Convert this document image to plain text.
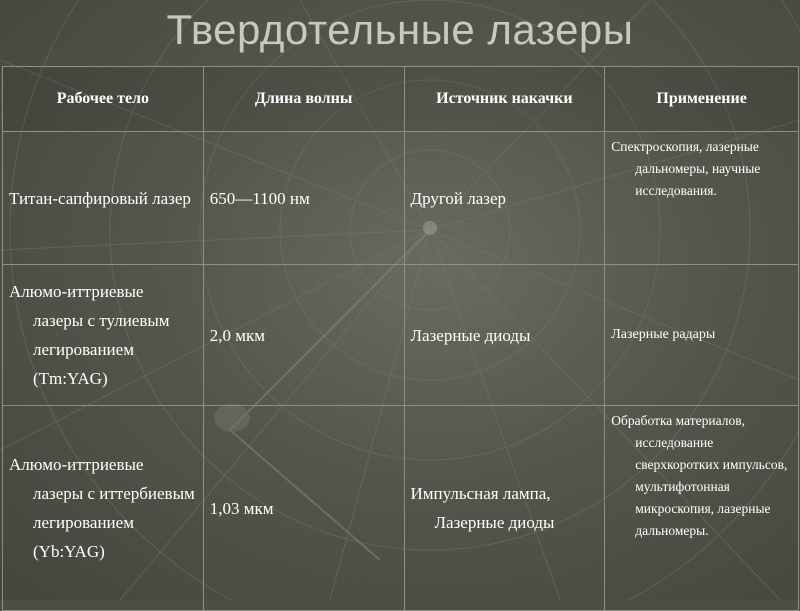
Твердотельные лазеры
Рабочее тело	Длина волны	Источник накачки	Применение
Титан-сапфировый лазер	650—1100 нм	Другой лазер	Спектроскопия, лазерные дальномеры, научные исследования.
Алюмо-иттриевые лазеры с тулиевым легированием (Tm:YAG)	2,0 мкм	Лазерные диоды	Лазерные радары
Алюмо-иттриевые лазеры с иттербиевым легированием (Yb:YAG)	1,03 мкм	Импульсная лампа, Лазерные диоды	Обработка материалов, исследование сверхкоротких импульсов, мультифотонная микроскопия, лазерные дальномеры.
